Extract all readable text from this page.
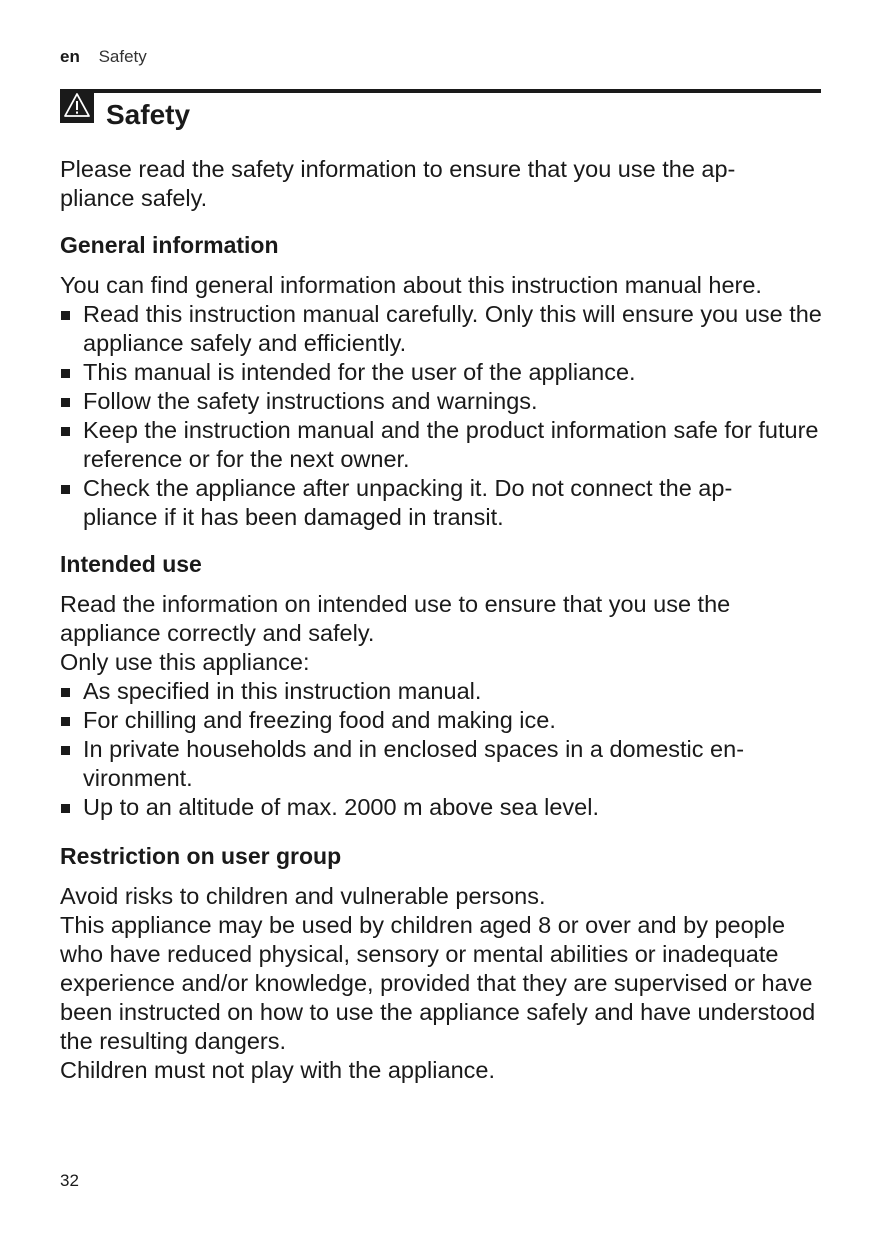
en Safety
Safety

Please read the safety information to ensure that you use the ap-
pliance safely.

General information

You can find general information about this instruction manual here.

Read this instruction manual carefully. Only this will ensure you use the appliance safely and efficiently.
This manual is intended for the user of the appliance.
Follow the safety instructions and warnings.
Keep the instruction manual and the product information safe for future reference or for the next owner.
Check the appliance after unpacking it. Do not connect the ap-
pliance if it has been damaged in transit.
Intended use

Read the information on intended use to ensure that you use the appliance correctly and safely.

Only use this appliance:

As specified in this instruction manual.
For chilling and freezing food and making ice.
In private households and in enclosed spaces in a domestic en-
vironment.
Up to an altitude of max. 2000 m above sea level.
Restriction on user group

Avoid risks to children and vulnerable persons.

This appliance may be used by children aged 8 or over and by people who have reduced physical, sensory or mental abilities or inadequate experience and/or knowledge, provided that they are supervised or have been instructed on how to use the appliance safely and have understood the resulting dangers.

Children must not play with the appliance.

32
